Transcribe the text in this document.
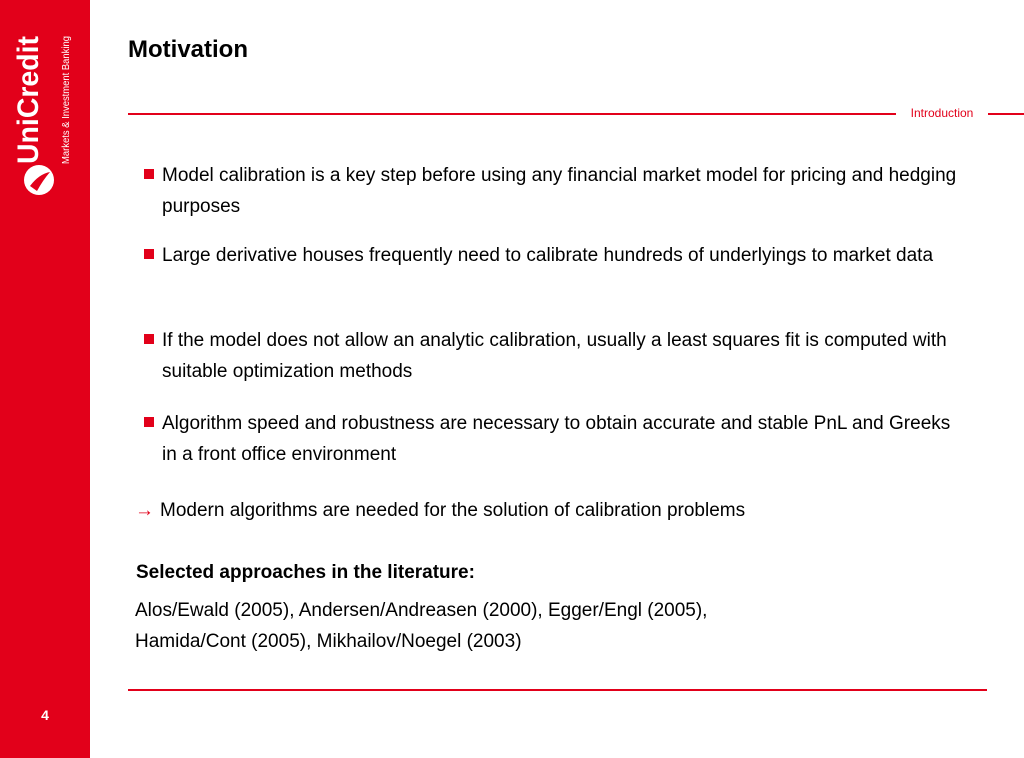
UniCredit Markets & Investment Banking
4
Motivation
Introduction
Model calibration is a key step before using any financial market model for pricing and hedging purposes
Large derivative houses frequently need to calibrate hundreds of underlyings to market data
If the model does not allow an analytic calibration, usually a least squares fit is computed with suitable optimization methods
Algorithm speed and robustness are necessary to obtain accurate and stable PnL and Greeks in a front office environment
→ Modern algorithms are needed for the solution of calibration problems
Selected approaches in the literature:
Alos/Ewald (2005), Andersen/Andreasen (2000), Egger/Engl (2005),
Hamida/Cont (2005), Mikhailov/Noegel (2003)
